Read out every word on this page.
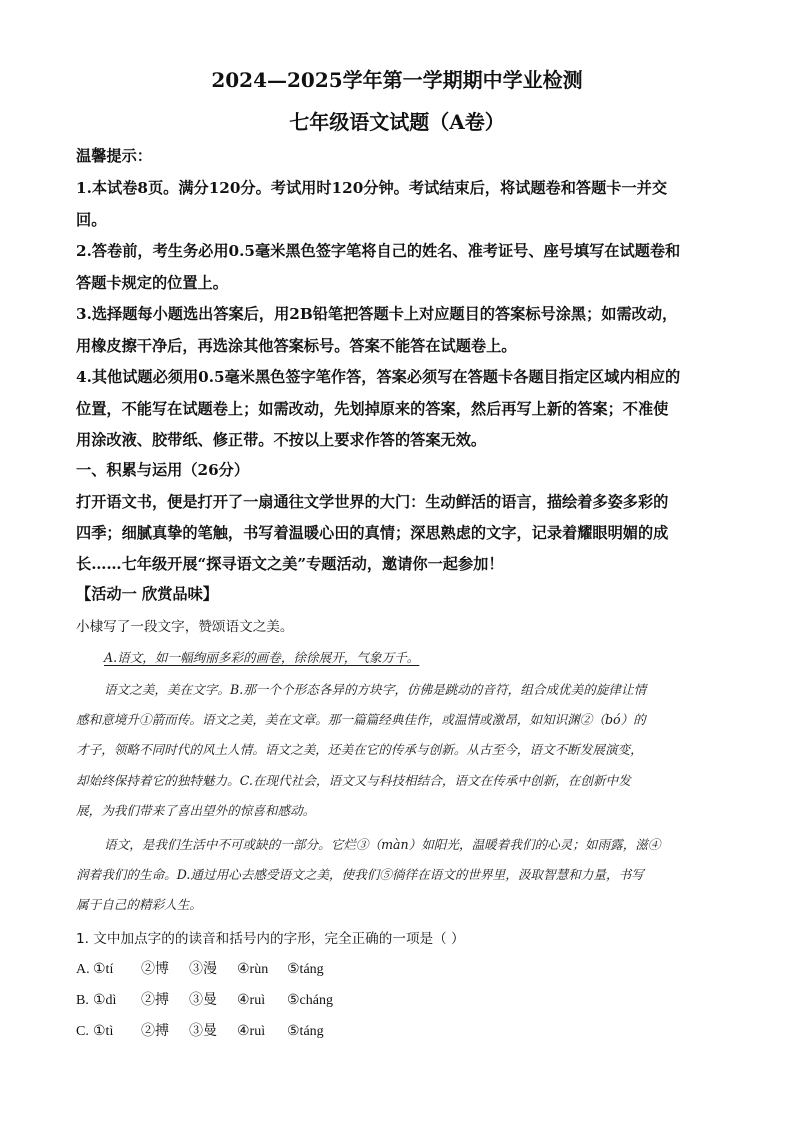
2024—2025学年第一学期期中学业检测
七年级语文试题（A卷）
温馨提示：
1.本试卷8页。满分120分。考试用时120分钟。考试结束后，将试题卷和答题卡一并交
回。
2.答卷前，考生务必用0.5毫米黑色签字笔将自己的姓名、准考证号、座号填写在试题卷和
答题卡规定的位置上。
3.选择题每小题选出答案后，用2B铅笔把答题卡上对应题目的答案标号涂黑；如需改动，
用橡皮擦干净后，再选涂其他答案标号。答案不能答在试题卷上。
4.其他试题必须用0.5毫米黑色签字笔作答，答案必须写在答题卡各题目指定区域内相应的
位置，不能写在试题卷上；如需改动，先划掉原来的答案，然后再写上新的答案；不准使
用涂改液、胶带纸、修正带。不按以上要求作答的答案无效。
一、积累与运用（26分）
打开语文书，便是打开了一扇通往文学世界的大门：生动鲜活的语言，描绘着多姿多彩的
四季；细腻真挚的笔触，书写着温暖心田的真情；深思熟虑的文字，记录着耀眼明媚的成
长……七年级开展“探寻语文之美”专题活动，邀请你一起参加！
【活动一 欣赏品味】
小棣写了一段文字，赞颂语文之美。
A.语文，如一幅绚丽多彩的画卷，徐徐展开，气象万千。
语文之美，美在文字。B.那一个个形态各异的方块字，仿佛是跳动的音符，组合成优美的旋律让情
感和意境升①箭而传。语文之美，美在文章。那一篇篇经典佳作，或温情或激昂，如知识渊②（bó）的
才子，领略不同时代的风土人情。语文之美，还美在它的传承与创新。从古至今，语文不断发展演变，
却始终保持着它的独特魅力。C.在现代社会，语文又与科技相结合，语文在传承中创新，在创新中发
展，为我们带来了喜出望外的惊喜和感动。
语文，是我们生活中不可或缺的一部分。它烂③（màn）如阳光，温暖着我们的心灵；如雨露，滋④
润着我们的生命。D.通过用心去感受语文之美，使我们⑤徜徉在语文的世界里，汲取智慧和力量，书写
属于自己的精彩人生。
1. 文中加点字的的读音和括号内的字形，完全正确的一项是（ ）
A. ①tí ②博 ③漫 ④rùn ⑤táng
B. ①dì ②搏 ③曼 ④ruì ⑤cháng
C. ①tì ②搏 ③曼 ④ruì ⑤táng
